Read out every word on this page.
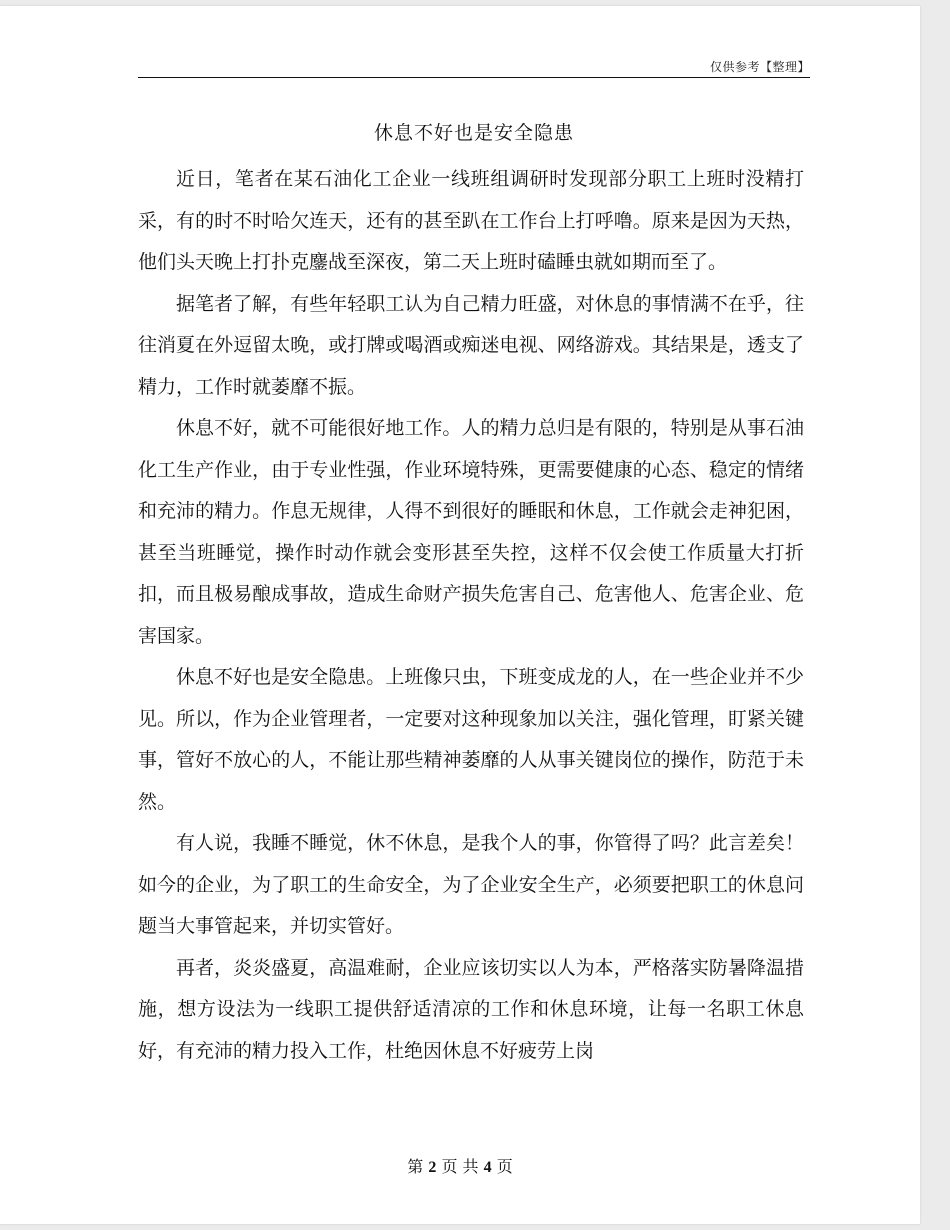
仅供参考【整理】
休息不好也是安全隐患

近日，笔者在某石油化工企业一线班组调研时发现部分职工上班时没精打采，有的时不时哈欠连天，还有的甚至趴在工作台上打呼噜。原来是因为天热，他们头天晚上打扑克鏖战至深夜，第二天上班时磕睡虫就如期而至了。

据笔者了解，有些年轻职工认为自己精力旺盛，对休息的事情满不在乎，往往消夏在外逗留太晚，或打牌或喝酒或痴迷电视、网络游戏。其结果是，透支了精力，工作时就萎靡不振。

休息不好，就不可能很好地工作。人的精力总归是有限的，特别是从事石油化工生产作业，由于专业性强，作业环境特殊，更需要健康的心态、稳定的情绪和充沛的精力。作息无规律，人得不到很好的睡眠和休息，工作就会走神犯困，甚至当班睡觉，操作时动作就会变形甚至失控，这样不仅会使工作质量大打折扣，而且极易酿成事故，造成生命财产损失危害自己、危害他人、危害企业、危害国家。

休息不好也是安全隐患。上班像只虫，下班变成龙的人，在一些企业并不少见。所以，作为企业管理者，一定要对这种现象加以关注，强化管理，盯紧关键事，管好不放心的人，不能让那些精神萎靡的人从事关键岗位的操作，防范于未然。

有人说，我睡不睡觉，休不休息，是我个人的事，你管得了吗？此言差矣！如今的企业，为了职工的生命安全，为了企业安全生产，必须要把职工的休息问题当大事管起来，并切实管好。

再者，炎炎盛夏，高温难耐，企业应该切实以人为本，严格落实防暑降温措施，想方设法为一线职工提供舒适清凉的工作和休息环境，让每一名职工休息好，有充沛的精力投入工作，杜绝因休息不好疲劳上岗

第 2 页 共 4 页
